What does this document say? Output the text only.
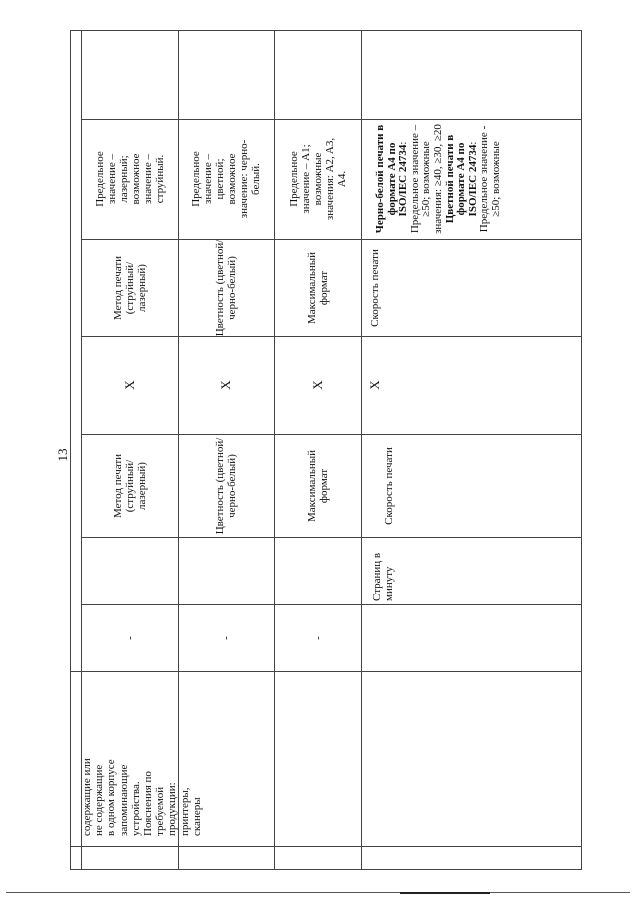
13

содержащие или не содержащие в одном корпусе запоминающие устройства. Пояснения по требуемой продукции: принтеры, сканеры

-
Метод печати (струйный/ лазерный)
X
Метод печати (струйный/ лазерный)

Предельное значение – лазерный; возможное значение – струйный.

-
Цветность (цветной/ черно-белый)
X
Цветность (цветной/ черно-белый)

Предельное значение – цветной; возможное значение: черно- белый.

-
Максимальный формат
X
Максимальный формат

Предельное значение – A1; возможные значения: A2, A3, A4.

Страниц в минуту
Скорость печати
X
Скорость печати
Черно-белой печати в формате А4 по ISO/IEC 24734: Предельное значение – ≥50; возможные значения: ≥40, ≥30, ≥20
Цветной печати в формате А4 по ISO/IEC 24734: Предельное значение - ≥50; возможные
